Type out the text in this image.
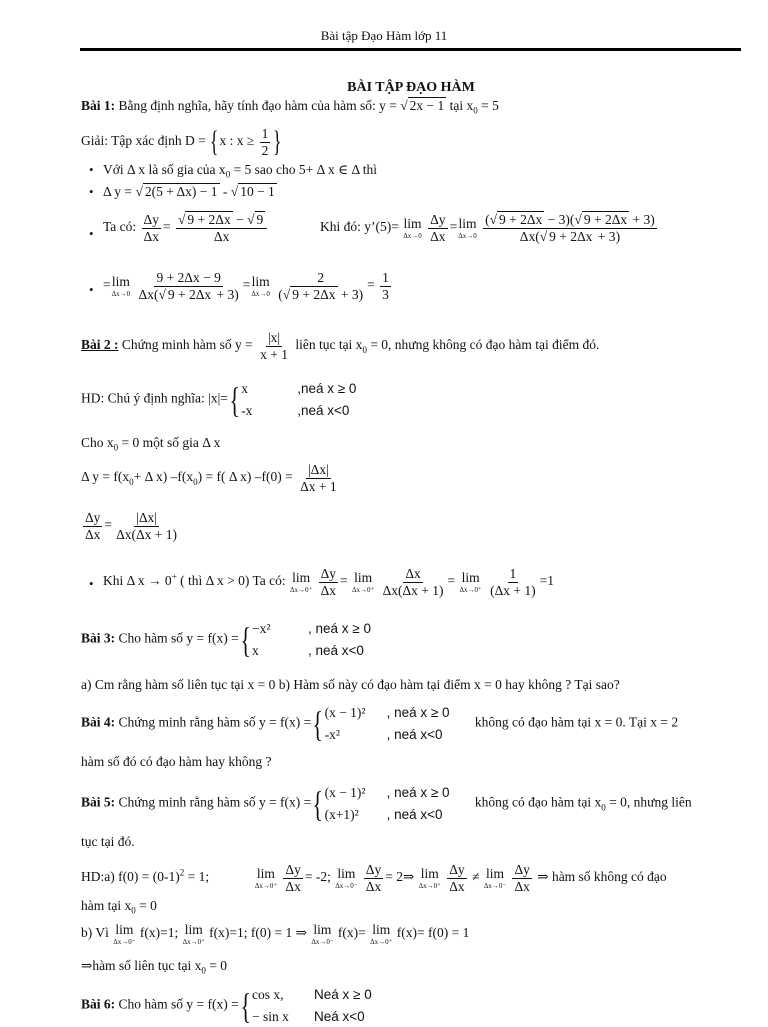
Bài tập Đạo Hàm lớp 11
BÀI TẬP ĐẠO HÀM
Bài 1: Bằng định nghĩa, hãy tính đạo hàm của hàm số: y = √ 2x − 1 tại $x_0 = 5$
Giải: Tập xác định D = {x : $x \ge \frac{1}{2}$ }
• Với Δ x là số gia của $x_0 = 5$ sao cho 5+ Δ x ∈ Δ thì
• Δ y = √ 2(5 + Δx) − 1 - √ 10 − 1
• Ta có: $\frac{\Delta y}{\Delta x} = \frac{√ 9 + 2\Delta x - √ 9}{\Delta x}$	Khi đó: y’(5)= lim
Δx→0
$\frac{\Delta y}{\Delta x} = \lim$
Δx→0
$\frac{(√ 9 + 2\Delta x - 3)(√ 9 + 2\Delta x + 3)}{\Delta x(√ 9 + 2\Delta x + 3)}$
• = lim
Δx→0
$\frac{9 + 2\Delta x - 9}{\Delta x(√ 9 + 2\Delta x + 3)} = \lim$
Δx→0
$\frac{2}{(√ 9 + 2\Delta x + 3)} = \frac{1}{3}$
Bài 2 : Chứng minh hàm số $y = \frac{|x|}{x + 1}$ liên tục tại $x_0 = 0$, nhưng không có đạo hàm tại điểm đó.
HD: Chú ý định nghĩa: |x|={ x	,neá x ≥ 0
-x	,neá x<0
Cho $x_0 = 0$ một số gia Δ x
Δ $y = f(x_0+ \Delta$ x) $-f(x_0) = f$( Δ x) $-f(0) = \frac{|\Delta x|}{\Delta x + 1}$
$\frac{\Delta y}{\Delta x} = \frac{|\Delta x|}{\Delta x(\Delta x + 1)}$
• Khi Δ x → 0+ ( thì Δ x > 0) Ta có: lim
Δx→0⁺
$\frac{\Delta y}{\Delta x} = \lim$
Δx→0⁺
$\frac{\Delta x}{\Delta x(\Delta x + 1)} = \lim$
Δx→0⁺
$\frac{1}{(\Delta x + 1)} =1$
Bài 3: Cho hàm số y = f(x) ={ −x²	, neá x ≥ 0
x	, neá x<0
a) Cm rằng hàm số liên tục tại x = 0 b) Hàm số này có đạo hàm tại điểm x = 0 hay không ? Tại sao?
Bài 4: Chứng minh rằng hàm số y = f(x) ={ (x − 1)²	, neá x ≥ 0
-x²	, neá x<0
không có đạo hàm tại x = 0. Tại x = 2
hàm số đó có đạo hàm hay không ?
Bài 5: Chứng minh rằng hàm số y = f(x) ={ (x − 1)²	, neá x ≥ 0
(x+1)²	, neá x<0
không có đạo hàm tại $x_0 = 0$, nhưng liên
tục tại đó.
HD:a) $f(0) = (0-1)^2 = 1$;	lim
Δx→0⁺
$\frac{\Delta y}{\Delta x} = -2$; lim
Δx→0⁻
$\frac{\Delta y}{\Delta x}$ = 2⇒ lim
Δx→0⁺
$\frac{\Delta y}{\Delta x} \ne \lim$
Δx→0⁻
$\frac{\Delta y}{\Delta x}$ ⇒ hàm số không có đạo
hàm tại $x_0 = 0$
b) Vì lim
Δx→0⁻
f(x)=1; lim
Δx→0⁺
f(x)=1; f(0) = 1 ⇒ lim
Δx→0⁻
f(x)= lim
Δx→0⁺
f(x)= f(0) = 1
⇒hàm số liên tục tại $x_0 = 0$
Bài 6: Cho hàm số y = f(x) ={ cos x,	Neá x ≥ 0
− sin x	Neá x<0
